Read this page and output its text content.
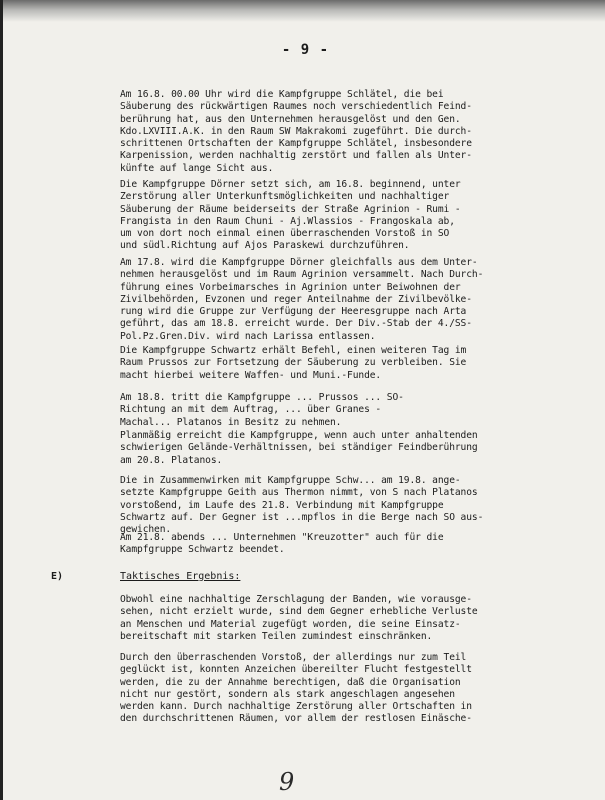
- 9 -
Am 16.8. 00.00 Uhr wird die Kampfgruppe Schlätel, die bei
Säuberung des rückwärtigen Raumes noch verschiedentlich Feind-
berührung hat, aus den Unternehmen herausgelöst und den Gen.
Kdo.LXVIII.A.K. in den Raum SW Makrakomi zugeführt. Die durch-
schrittenen Ortschaften der Kampfgruppe Schlätel, insbesondere
Karpenission, werden nachhaltig zerstört und fallen als Unter-
künfte auf lange Sicht aus.
Die Kampfgruppe Dörner setzt sich, am 16.8. beginnend, unter
Zerstörung aller Unterkunftsmöglichkeiten und nachhaltiger
Säuberung der Räume beiderseits der Straße Agrinion - Rumi -
Frangista in den Raum Chuni - Aj.Wlassios - Frangoskala ab,
um von dort noch einmal einen überraschenden Vorstoß in SO
und südl.Richtung auf Ajos Paraskewi durchzuführen.
Am 17.8. wird die Kampfgruppe Dörner gleichfalls aus dem Unter-
nehmen herausgelöst und im Raum Agrinion versammelt. Nach Durch-
führung eines Vorbeimarsches in Agrinion unter Beiwohnen der
Zivilbehörden, Evzonen und reger Anteilnahme der Zivilbevölke-
rung wird die Gruppe zur Verfügung der Heeresgruppe nach Arta
geführt, das am 18.8. erreicht wurde. Der Div.-Stab der 4./SS-
Pol.Pz.Gren.Div. wird nach Larissa entlassen.
Die Kampfgruppe Schwartz erhält Befehl, einen weiteren Tag im
Raum Prussos zur Fortsetzung der Säuberung zu verbleiben. Sie
macht hierbei weitere Waffen- und Muni.-Funde.
Am 18.8. tritt die Kampfgruppe ... Prussos ... SO-
Richtung an mit dem Auftrag, ... über Granes -
Machal... Platanos in Besitz zu nehmen.
Planmäßig erreicht die Kampfgruppe, wenn auch unter anhaltenden
schwierigen Gelände-Verhältnissen, bei ständiger Feindberührung
am 20.8. Platanos.
Die in Zusammenwirken mit Kampfgruppe Schw... am 19.8. ange-
setzte Kampfgruppe Geith aus Thermon nimmt, von S nach Platanos
vorstoßend, im Laufe des 21.8. Verbindung mit Kampfgruppe
Schwartz auf. Der Gegner ist ...mpflos in die Berge nach SO aus-
gewichen.
Am 21.8. abends ... Unternehmen "Kreuzotter" auch für die
Kampfgruppe Schwartz beendet.
E)	Taktisches Ergebnis:
Obwohl eine nachhaltige Zerschlagung der Banden, wie vorausge-
sehen, nicht erzielt wurde, sind dem Gegner erhebliche Verluste
an Menschen und Material zugefügt worden, die seine Einsatz-
bereitschaft mit starken Teilen zumindest einschränken.
Durch den überraschenden Vorstoß, der allerdings nur zum Teil
geglückt ist, konnten Anzeichen übereilter Flucht festgestellt
werden, die zu der Annahme berechtigen, daß die Organisation
nicht nur gestört, sondern als stark angeschlagen angesehen
werden kann. Durch nachhaltige Zerstörung aller Ortschaften in
den durchschrittenen Räumen, vor allem der restlosen Einäsche-
9
